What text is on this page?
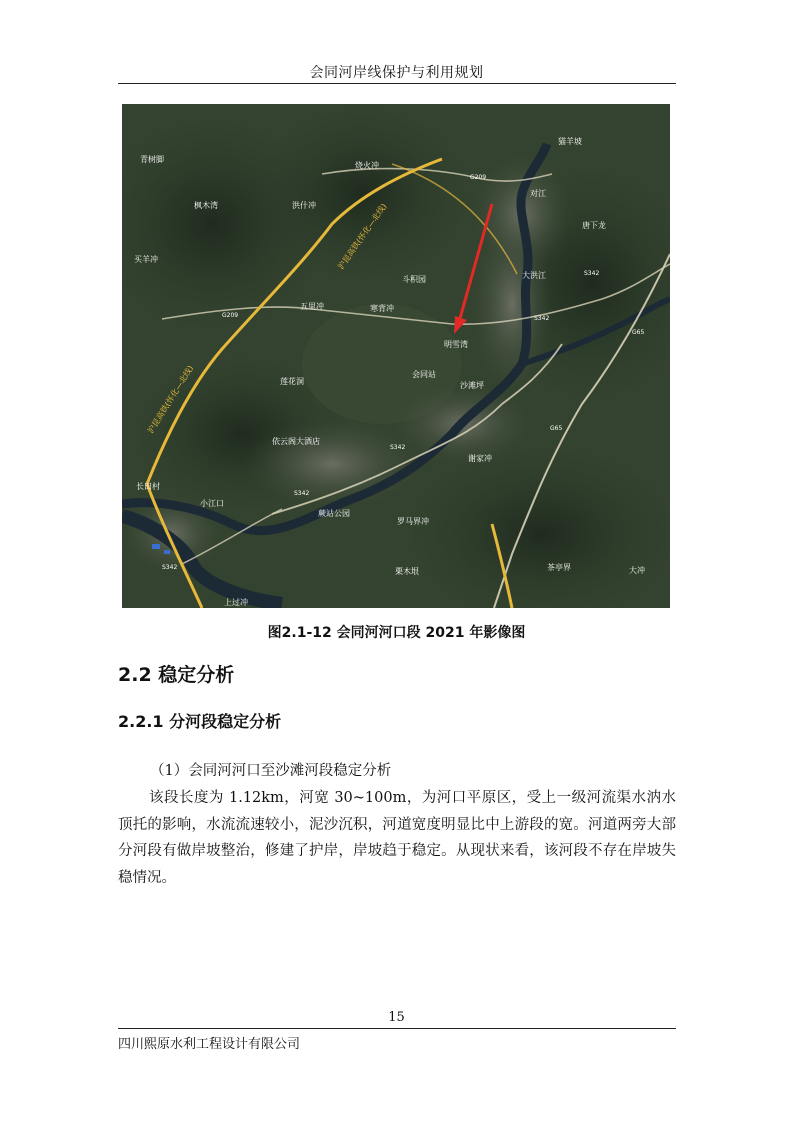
会同河岸线保护与利用规划
青树脚
烧火冲
猫羊坡
对江
枫木湾	洪什冲
唐下龙
买羊冲
斗积园	大洪江
五里冲	寒背冲
明雪湾
会同站
莲花洞	沙滩坪
依云阁大酒店
谢家冲
长田村
小江口
罗马界冲
蕨站公园
栗木垠	茶亭界	大冲
上过冲
G209
G209
S342
S342
S342
S342
S342
G65
G65
沪昆高铁(怀化—北线)
沪昆高铁(怀化—北线)
图2.1-12 会同河河口段 2021 年影像图
2.2 稳定分析
2.2.1 分河段稳定分析
（1）会同河河口至沙滩河段稳定分析
该段长度为 1.12km，河宽 30~100m，为河口平原区，受上一级河流渠水汭水顶托的影响，水流流速较小，泥沙沉积，河道宽度明显比中上游段的宽。河道两旁大部分河段有做岸坡整治，修建了护岸，岸坡趋于稳定。从现状来看，该河段不存在岸坡失稳情况。
15
四川熙原水利工程设计有限公司
